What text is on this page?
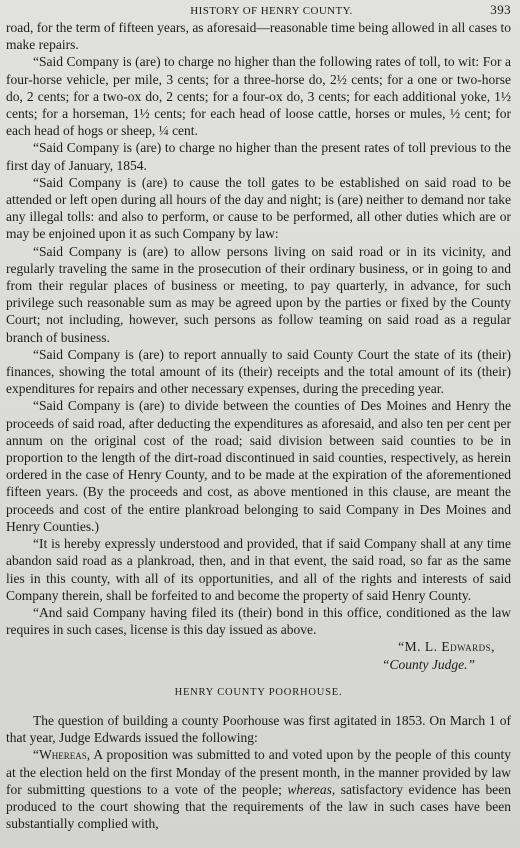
HISTORY OF HENRY COUNTY.	393

road, for the term of fifteen years, as aforesaid—reasonable time being allowed in all cases to make repairs.

“Said Company is (are) to charge no higher than the following rates of toll, to wit: For a four-horse vehicle, per mile, 3 cents; for a three-horse do, 2½ cents; for a one or two-horse do, 2 cents; for a two-ox do, 2 cents; for a four-ox do, 3 cents; for each additional yoke, 1½ cents; for a horseman, 1½ cents; for each head of loose cattle, horses or mules, ½ cent; for each head of hogs or sheep, ¼ cent.

“Said Company is (are) to charge no higher than the present rates of toll previous to the first day of January, 1854.

“Said Company is (are) to cause the toll gates to be established on said road to be attended or left open during all hours of the day and night; is (are) neither to demand nor take any illegal tolls: and also to perform, or cause to be performed, all other duties which are or may be enjoined upon it as such Company by law:

“Said Company is (are) to allow persons living on said road or in its vicinity, and regularly traveling the same in the prosecution of their ordinary business, or in going to and from their regular places of business or meeting, to pay quarterly, in advance, for such privilege such reasonable sum as may be agreed upon by the parties or fixed by the County Court; not including, however, such persons as follow teaming on said road as a regular branch of business.

“Said Company is (are) to report annually to said County Court the state of its (their) finances, showing the total amount of its (their) receipts and the total amount of its (their) expenditures for repairs and other necessary expenses, during the preceding year.

“Said Company is (are) to divide between the counties of Des Moines and Henry the proceeds of said road, after deducting the expenditures as aforesaid, and also ten per cent per annum on the original cost of the road; said division between said counties to be in proportion to the length of the dirt-road discontinued in said counties, respectively, as herein ordered in the case of Henry County, and to be made at the expiration of the aforementioned fifteen years. (By the proceeds and cost, as above mentioned in this clause, are meant the proceeds and cost of the entire plankroad belonging to said Company in Des Moines and Henry Counties.)

“It is hereby expressly understood and provided, that if said Company shall at any time abandon said road as a plankroad, then, and in that event, the said road, so far as the same lies in this county, with all of its opportunities, and all of the rights and interests of said Company therein, shall be forfeited to and become the property of said Henry County.

“And said Company having filed its (their) bond in this office, conditioned as the law requires in such cases, license is this day issued as above.

“M. L. Edwards,
“County Judge.”
HENRY COUNTY POORHOUSE.

The question of building a county Poorhouse was first agitated in 1853. On March 1 of that year, Judge Edwards issued the following:

“Whereas, A proposition was submitted to and voted upon by the people of this county at the election held on the first Monday of the present month, in the manner provided by law for submitting questions to a vote of the people; whereas, satisfactory evidence has been produced to the court showing that the requirements of the law in such cases have been substantially complied with,
